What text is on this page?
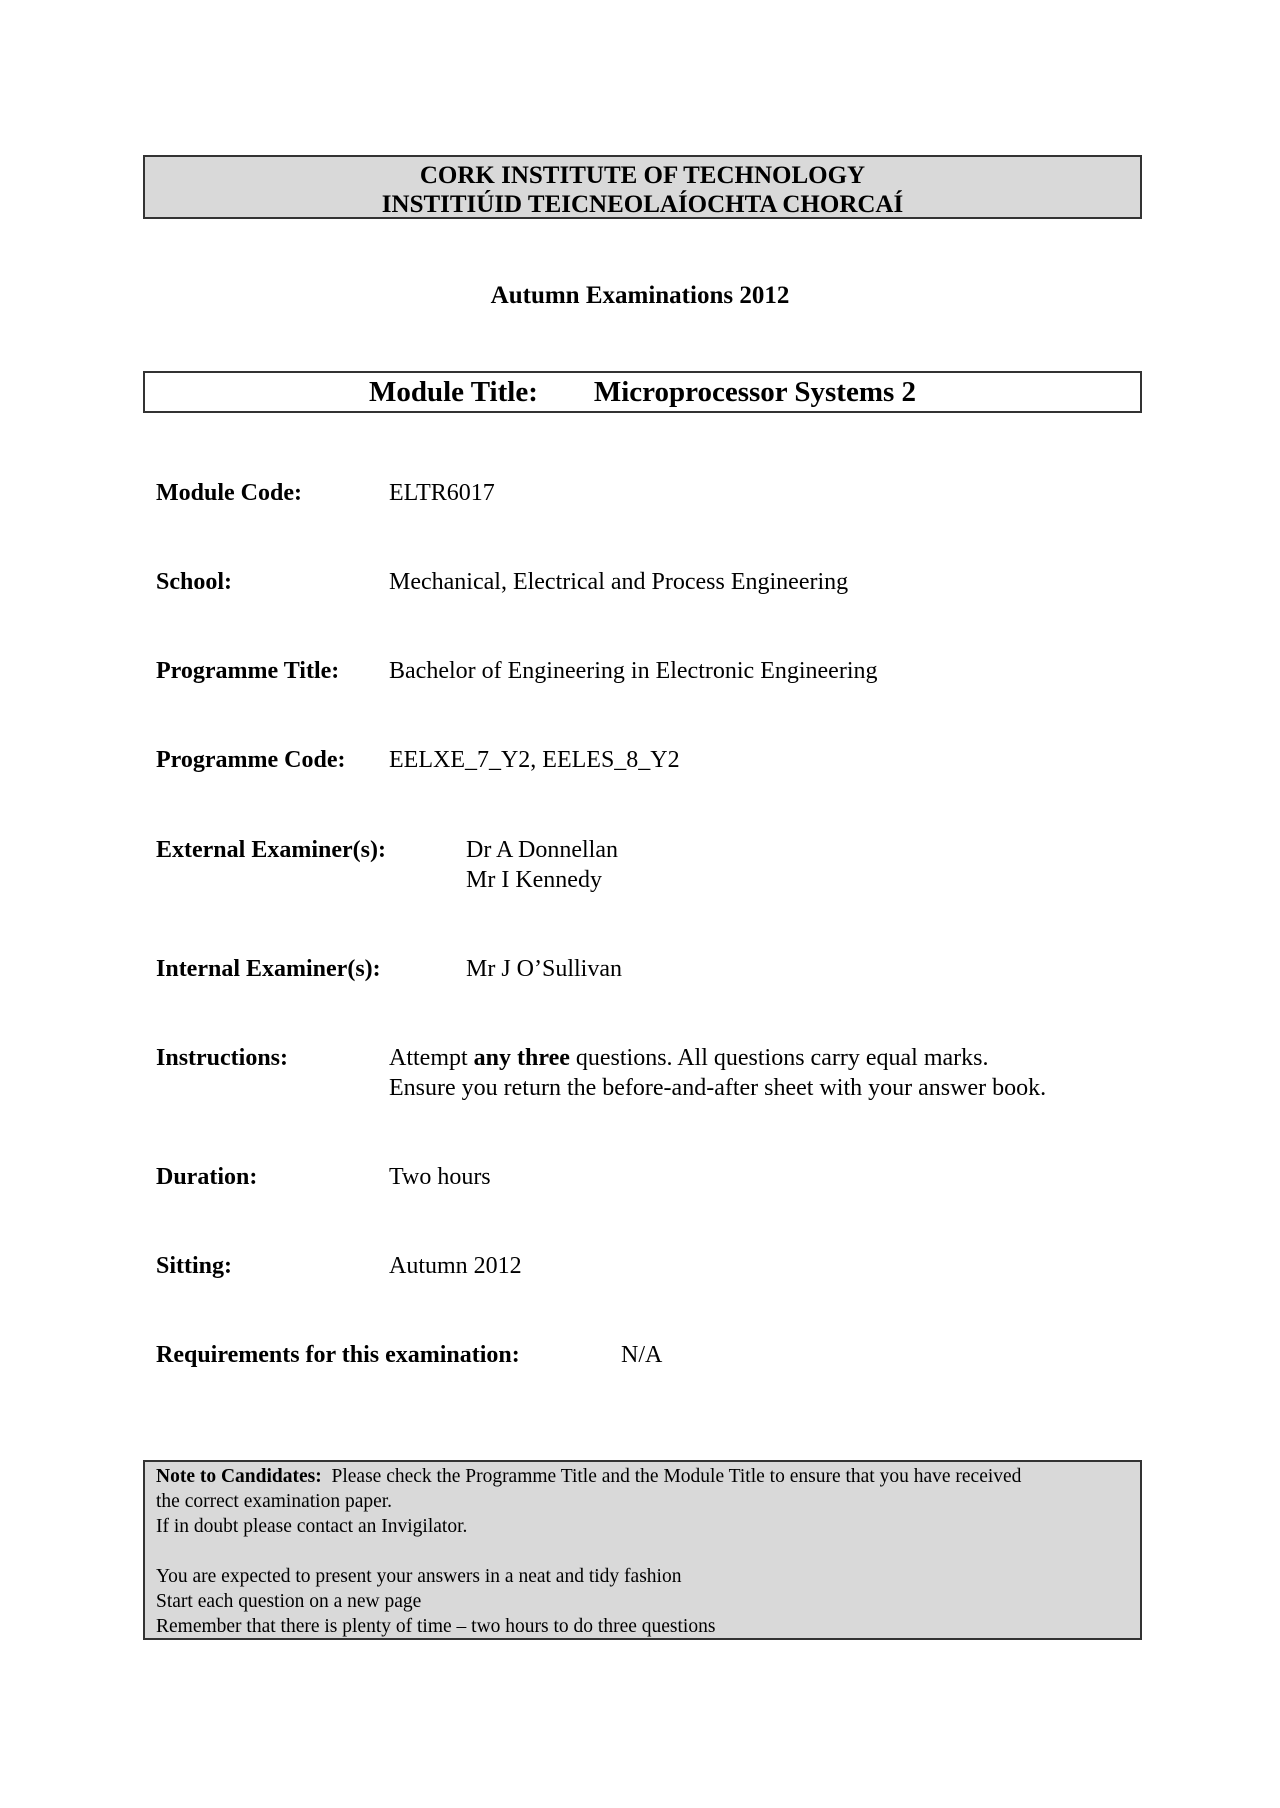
CORK INSTITUTE OF TECHNOLOGY
INSTITIÚID TEICNEOLAÍOCHTA CHORCAÍ
Autumn Examinations 2012
Module Title: Microprocessor Systems 2
Module Code:	ELTR6017
School:	Mechanical, Electrical and Process Engineering
Programme Title: Bachelor of Engineering in Electronic Engineering
Programme Code: EELXE_7_Y2, EELES_8_Y2
External Examiner(s):	Dr A Donnellan
Mr I Kennedy
Internal Examiner(s):	Mr J O’Sullivan
Instructions:	Attempt any three questions. All questions carry equal marks.
Ensure you return the before-and-after sheet with your answer book.
Duration:	Two hours
Sitting:	Autumn 2012
Requirements for this examination:	N/A
Note to Candidates:  Please check the Programme Title and the Module Title to ensure that you have received
the correct examination paper.
If in doubt please contact an Invigilator.
You are expected to present your answers in a neat and tidy fashion
Start each question on a new page
Remember that there is plenty of time – two hours to do three questions
